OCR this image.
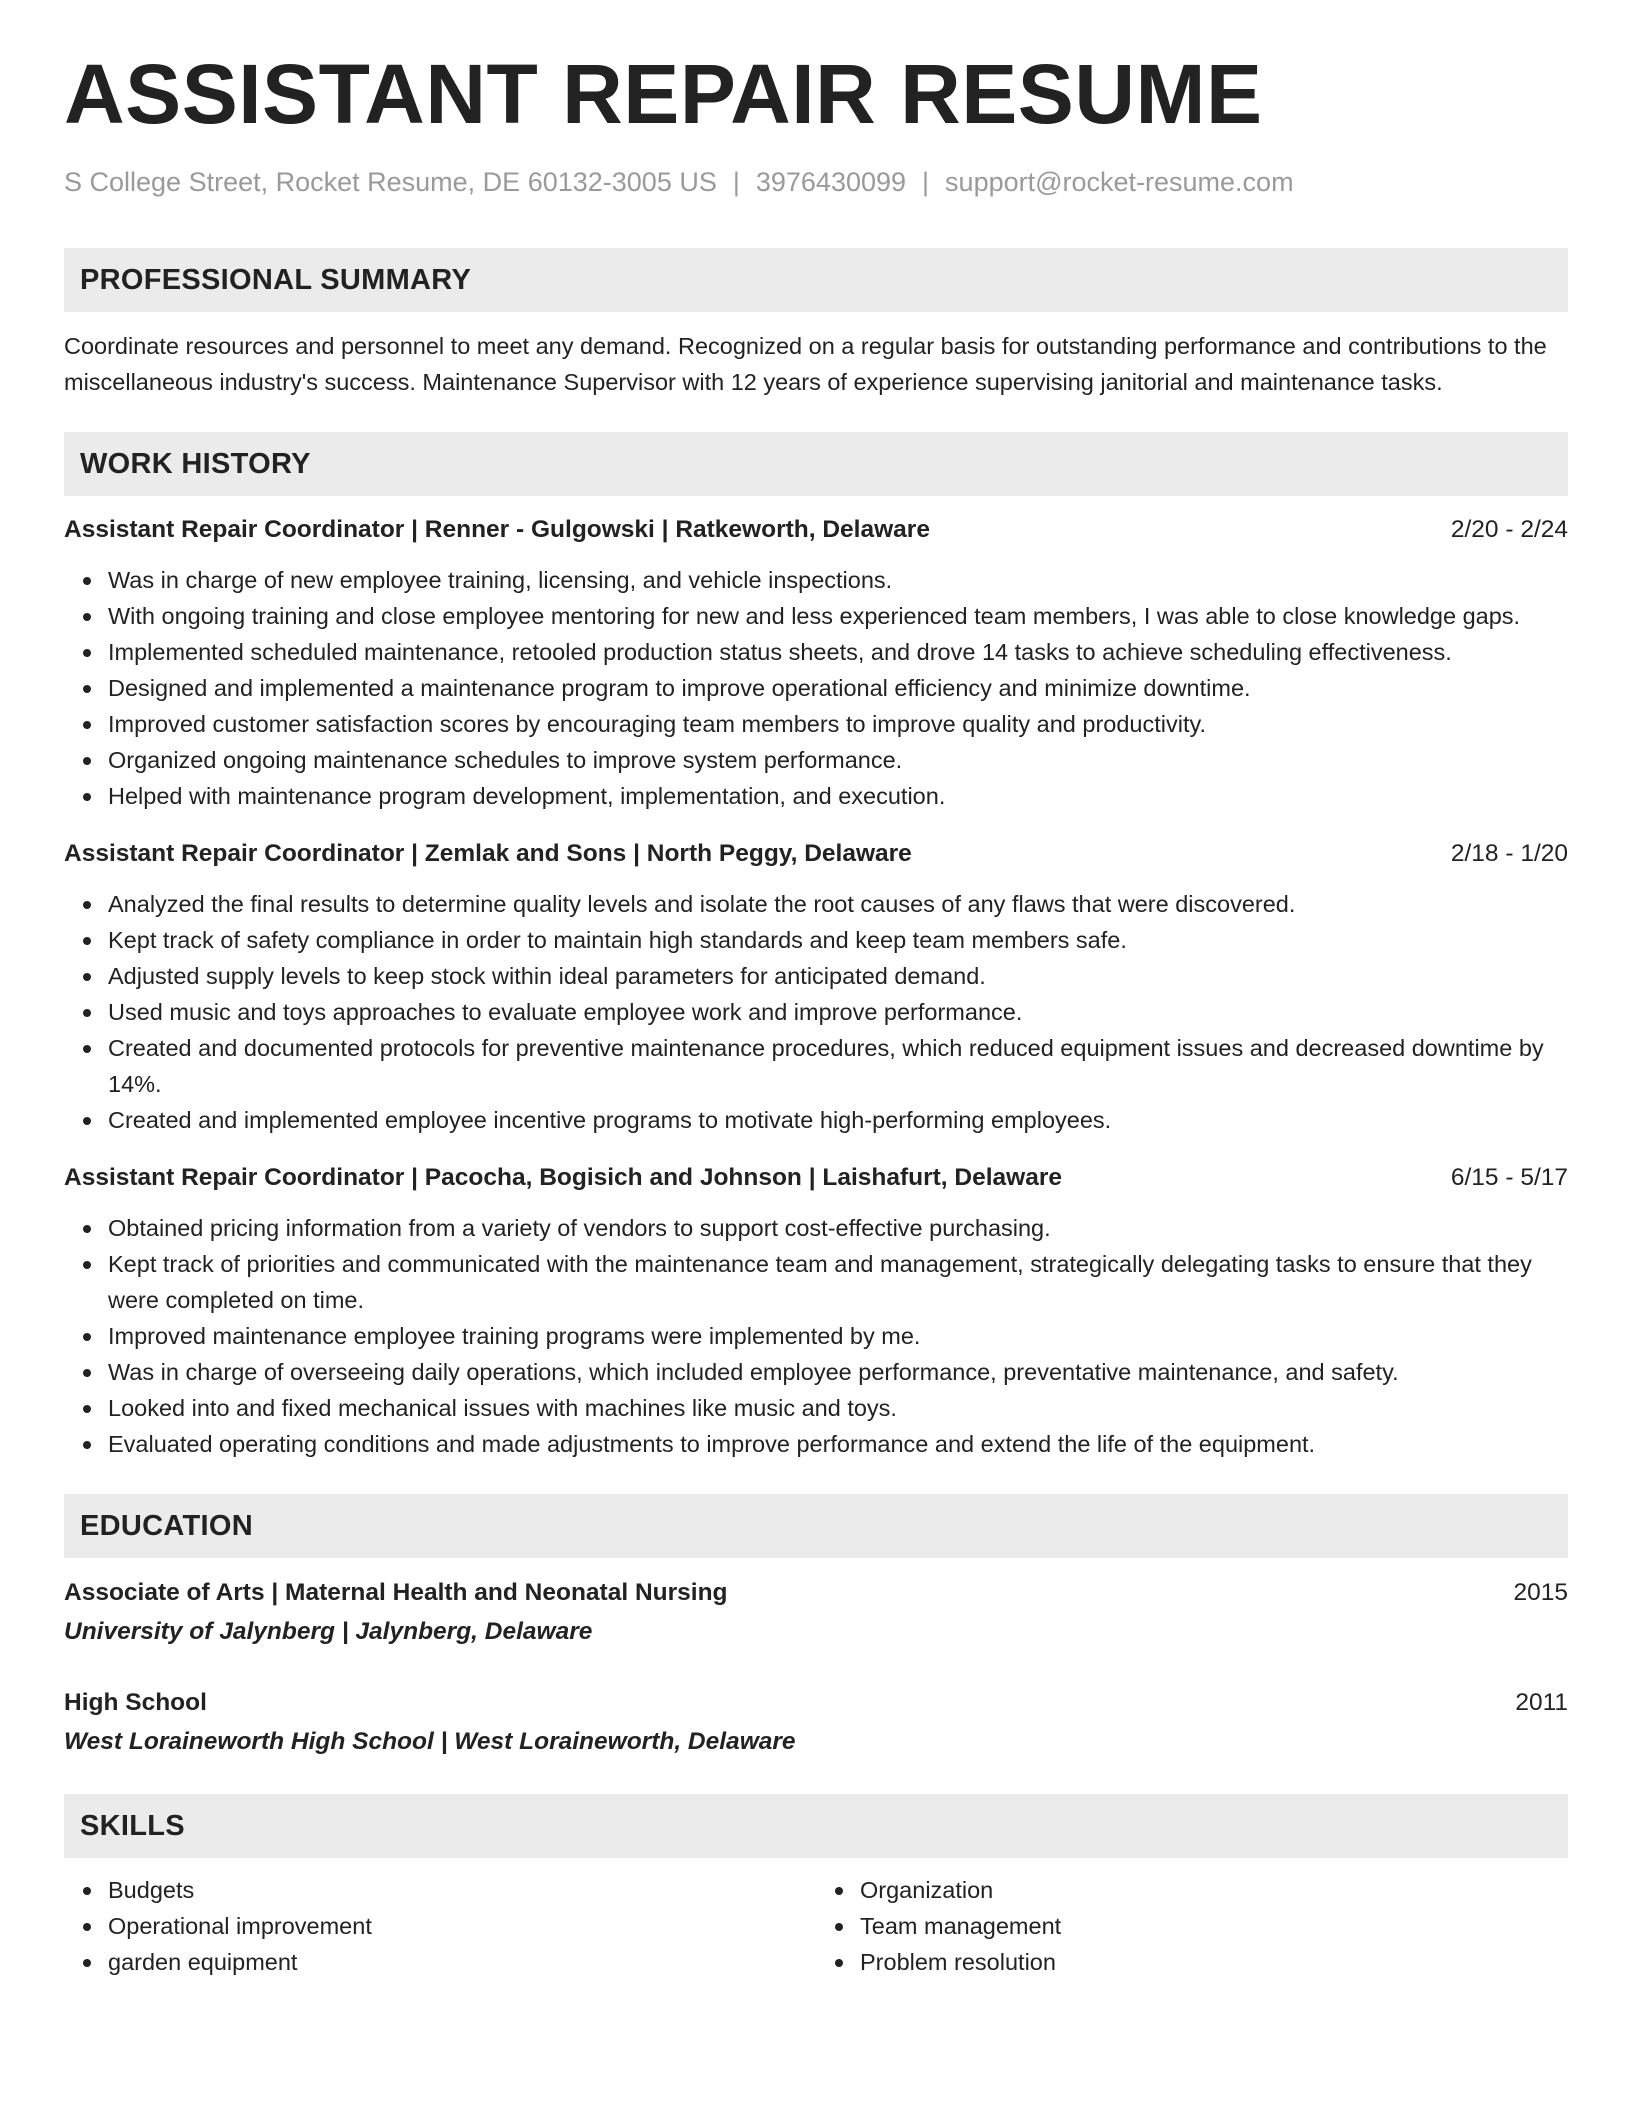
ASSISTANT REPAIR RESUME
S College Street, Rocket Resume, DE 60132-3005 US | 3976430099 | support@rocket-resume.com
PROFESSIONAL SUMMARY

Coordinate resources and personnel to meet any demand. Recognized on a regular basis for outstanding performance and contributions to the miscellaneous industry's success. Maintenance Supervisor with 12 years of experience supervising janitorial and maintenance tasks.

WORK HISTORY
Assistant Repair Coordinator | Renner - Gulgowski | Ratkeworth, Delaware	2/20 - 2/24
Was in charge of new employee training, licensing, and vehicle inspections.
With ongoing training and close employee mentoring for new and less experienced team members, I was able to close knowledge gaps.
Implemented scheduled maintenance, retooled production status sheets, and drove 14 tasks to achieve scheduling effectiveness.
Designed and implemented a maintenance program to improve operational efficiency and minimize downtime.
Improved customer satisfaction scores by encouraging team members to improve quality and productivity.
Organized ongoing maintenance schedules to improve system performance.
Helped with maintenance program development, implementation, and execution.
Assistant Repair Coordinator | Zemlak and Sons | North Peggy, Delaware	2/18 - 1/20
Analyzed the final results to determine quality levels and isolate the root causes of any flaws that were discovered.
Kept track of safety compliance in order to maintain high standards and keep team members safe.
Adjusted supply levels to keep stock within ideal parameters for anticipated demand.
Used music and toys approaches to evaluate employee work and improve performance.
Created and documented protocols for preventive maintenance procedures, which reduced equipment issues and decreased downtime by 14%.
Created and implemented employee incentive programs to motivate high-performing employees.
Assistant Repair Coordinator | Pacocha, Bogisich and Johnson | Laishafurt, Delaware	6/15 - 5/17
Obtained pricing information from a variety of vendors to support cost-effective purchasing.
Kept track of priorities and communicated with the maintenance team and management, strategically delegating tasks to ensure that they were completed on time.
Improved maintenance employee training programs were implemented by me.
Was in charge of overseeing daily operations, which included employee performance, preventative maintenance, and safety.
Looked into and fixed mechanical issues with machines like music and toys.
Evaluated operating conditions and made adjustments to improve performance and extend the life of the equipment.
EDUCATION
Associate of Arts | Maternal Health and Neonatal Nursing	2015
University of Jalynberg | Jalynberg, Delaware
High School	2011
West Loraineworth High School | West Loraineworth, Delaware
SKILLS
Budgets
Operational improvement
garden equipment
Organization
Team management
Problem resolution
